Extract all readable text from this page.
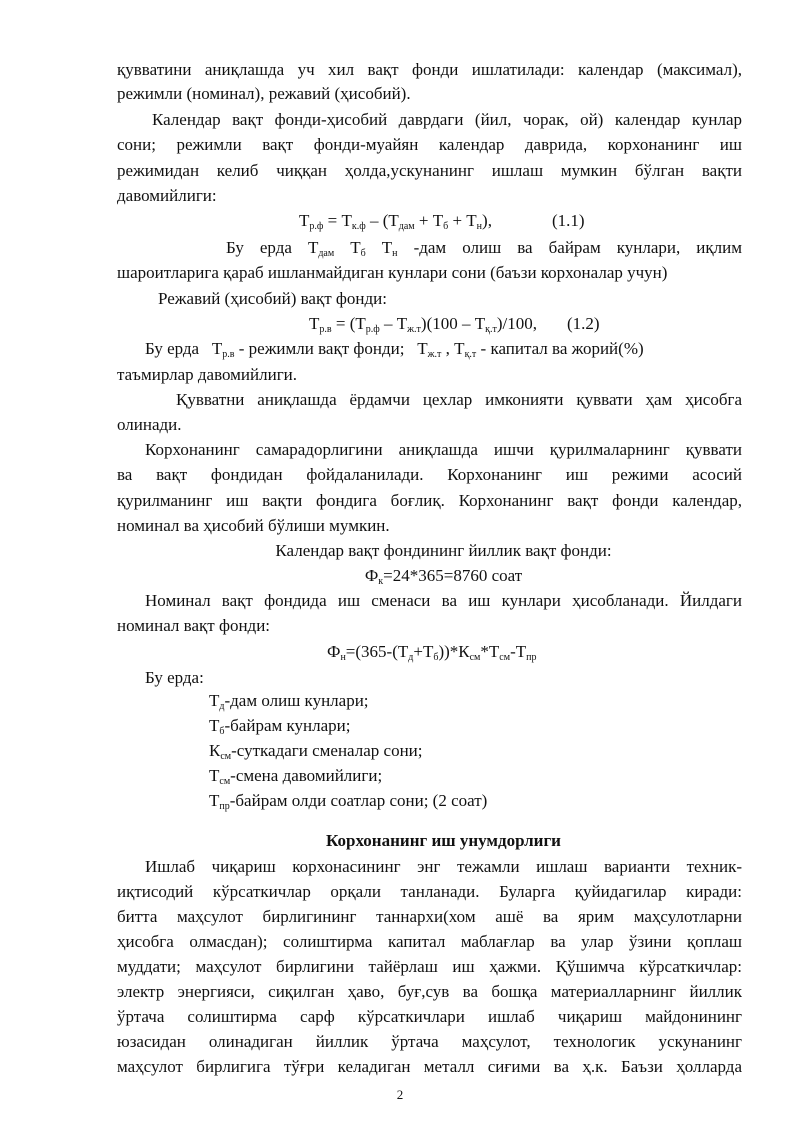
қувватини аниқлашда уч хил вақт фонди ишлатилади: календар (максимал),
режимли (номинал), режавий (ҳисобий).
Календар вақт фонди-ҳисобий даврдаги (йил, чорак, ой) календар кунлар
сони; режимли вақт фонди-муайян календар даврида, корхонанинг иш
режимидан келиб чиққан ҳолда,ускунанинг ишлаш мумкин бўлган вақти
давомийлиги:
$Т_{р.ф} = Т_{к.ф} - (Т_{дам} + Т_б + Т_н)$,	(1.1)
Бу ерда $Т_{дам}$ $Т_б$ $Т_н$ -дам олиш ва байрам кунлари, иқлим
шароитларига қараб ишланмайдиган кунлари сони (баъзи корхоналар учун)
Режавий (ҳисобий) вақт фонди:
$Т_{р.в} = (Т_{р.ф} - Т_{ж.т})(100 - Т_{қ.т})/100$,	(1.2)
Бу ерда $Т_{р.в}$ - режимли вақт фонди; $Т_{ж.т}$ , $Т_{қ.т}$ - капитал ва жорий(%)
таъмирлар давомийлиги.
Қувватни аниқлашда ёрдамчи цехлар имконияти қуввати ҳам ҳисобга
олинади.
Корхонанинг самарадорлигини аниқлашда ишчи қурилмаларнинг қуввати
ва вақт фондидан фойдаланилади. Корхонанинг иш режими асосий
қурилманинг иш вақти фондига боғлиқ. Корхонанинг вақт фонди календар,
номинал ва ҳисобий бўлиши мумкин.
Календар вақт фондининг йиллик вақт фонди:
$Ф_к=24*365=8760$ соат
Номинал вақт фондида иш сменаси ва иш кунлари ҳисобланади. Йилдаги
номинал вақт фонди:
$Ф_н=(365-(Т_д+Т_б))*К_{см}*Т_{см}-Т_{пр}$
Бу ерда:
$Т_д$-дам олиш кунлари;
$Т_б$-байрам кунлари;
$К_{см}$-суткадаги сменалар сони;
$Т_{см}$-смена давомийлиги;
$Т_{пр}$-байрам олди соатлар сони; (2 соат)
Корхонанинг иш унумдорлиги
Ишлаб чиқариш корхонасининг энг тежамли ишлаш варианти техник-
иқтисодий кўрсаткичлар орқали танланади. Буларга қуйидагилар киради:
битта маҳсулот бирлигининг таннархи(хом ашё ва ярим маҳсулотларни
ҳисобга олмасдан); солиштирма капитал маблағлар ва улар ўзини қоплаш
муддати; маҳсулот бирлигини тайёрлаш иш ҳажми. Қўшимча кўрсаткичлар:
электр энергияси, сиқилган ҳаво, буғ,сув ва бошқа материалларнинг йиллик
ўртача солиштирма сарф кўрсаткичлари ишлаб чиқариш майдонининг
юзасидан олинадиган йиллик ўртача маҳсулот, технологик ускунанинг
маҳсулот бирлигига тўғри келадиган металл сиғими ва ҳ.к. Баъзи ҳолларда
2
